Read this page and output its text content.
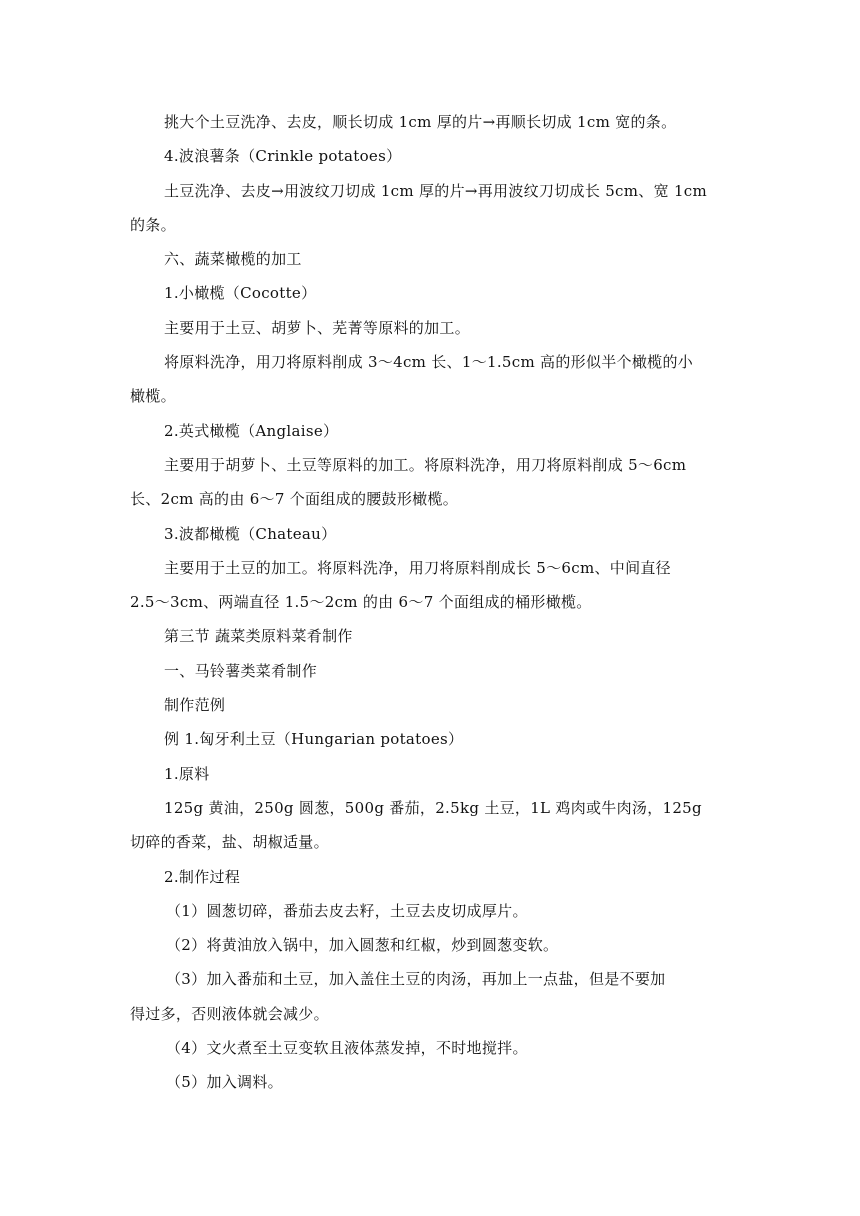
挑大个土豆洗净、去皮，顺长切成 1cm 厚的片→再顺长切成 1cm 宽的条。
4.波浪薯条（Crinkle potatoes）
土豆洗净、去皮→用波纹刀切成 1cm 厚的片→再用波纹刀切成长 5cm、宽 1cm
的条。
六、蔬菜橄榄的加工
1.小橄榄（Cocotte）
主要用于土豆、胡萝卜、芜菁等原料的加工。
将原料洗净，用刀将原料削成 3～4cm 长、1～1.5cm 高的形似半个橄榄的小
橄榄。
2.英式橄榄（Anglaise）
主要用于胡萝卜、土豆等原料的加工。将原料洗净，用刀将原料削成 5～6cm
长、2cm 高的由 6～7 个面组成的腰鼓形橄榄。
3.波都橄榄（Chateau）
主要用于土豆的加工。将原料洗净，用刀将原料削成长 5～6cm、中间直径
2.5～3cm、两端直径 1.5～2cm 的由 6～7 个面组成的桶形橄榄。
第三节 蔬菜类原料菜肴制作
一、马铃薯类菜肴制作
制作范例
例 1.匈牙利土豆（Hungarian potatoes）
1.原料
125g 黄油，250g 圆葱，500g 番茄，2.5kg 土豆，1L 鸡肉或牛肉汤，125g
切碎的香菜，盐、胡椒适量。
2.制作过程
（1）圆葱切碎，番茄去皮去籽，土豆去皮切成厚片。
（2）将黄油放入锅中，加入圆葱和红椒，炒到圆葱变软。
（3）加入番茄和土豆，加入盖住土豆的肉汤，再加上一点盐，但是不要加
得过多，否则液体就会减少。
（4）文火煮至土豆变软且液体蒸发掉，不时地搅拌。
（5）加入调料。
